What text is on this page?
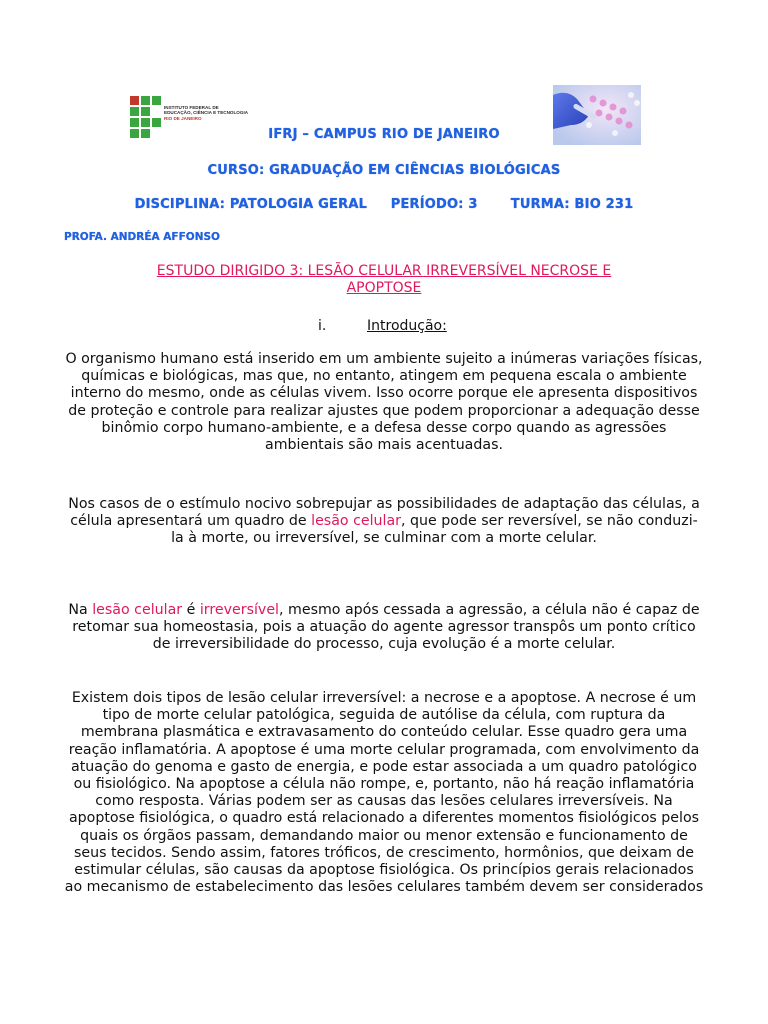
INSTITUTO FEDERAL DE
EDUCAÇÃO, CIÊNCIA E TECNOLOGIA
RIO DE JANEIRO
IFRJ – CAMPUS RIO DE JANEIRO
CURSO: GRADUAÇÃO EM CIÊNCIAS BIOLÓGICAS
DISCIPLINA: PATOLOGIA GERAL PERÍODO: 3	TURMA: BIO 231
PROFA. ANDRÉA AFFONSO
ESTUDO DIRIGIDO 3: LESÃO CELULAR IRREVERSÍVEL NECROSE E
APOPTOSE
i.	Introdução:
O organismo humano está inserido em um ambiente sujeito a inúmeras variações físicas, químicas e biológicas, mas que, no entanto, atingem em pequena escala o ambiente interno do mesmo, onde as células vivem. Isso ocorre porque ele apresenta dispositivos de proteção e controle para realizar ajustes que podem proporcionar a adequação desse binômio corpo humano-ambiente, e a defesa desse corpo quando as agressões ambientais são mais acentuadas.
Nos casos de o estímulo nocivo sobrepujar as possibilidades de adaptação das células, a célula apresentará um quadro de lesão celular, que pode ser reversível, se não conduzi-la à morte, ou irreversível, se culminar com a morte celular.
Na lesão celular é irreversível, mesmo após cessada a agressão, a célula não é capaz de retomar sua homeostasia, pois a atuação do agente agressor transpôs um ponto crítico de irreversibilidade do processo, cuja evolução é a morte celular.
Existem dois tipos de lesão celular irreversível: a necrose e a apoptose. A necrose é um tipo de morte celular patológica, seguida de autólise da célula, com ruptura da membrana plasmática e extravasamento do conteúdo celular. Esse quadro gera uma reação inflamatória. A apoptose é uma morte celular programada, com envolvimento da atuação do genoma e gasto de energia, e pode estar associada a um quadro patológico ou fisiológico. Na apoptose a célula não rompe, e, portanto, não há reação inflamatória como resposta. Várias podem ser as causas das lesões celulares irreversíveis. Na apoptose fisiológica, o quadro está relacionado a diferentes momentos fisiológicos pelos quais os órgãos passam, demandando maior ou menor extensão e funcionamento de seus tecidos. Sendo assim, fatores tróficos, de crescimento, hormônios, que deixam de estimular células, são causas da apoptose fisiológica. Os princípios gerais relacionados ao mecanismo de estabelecimento das lesões celulares também devem ser considerados
